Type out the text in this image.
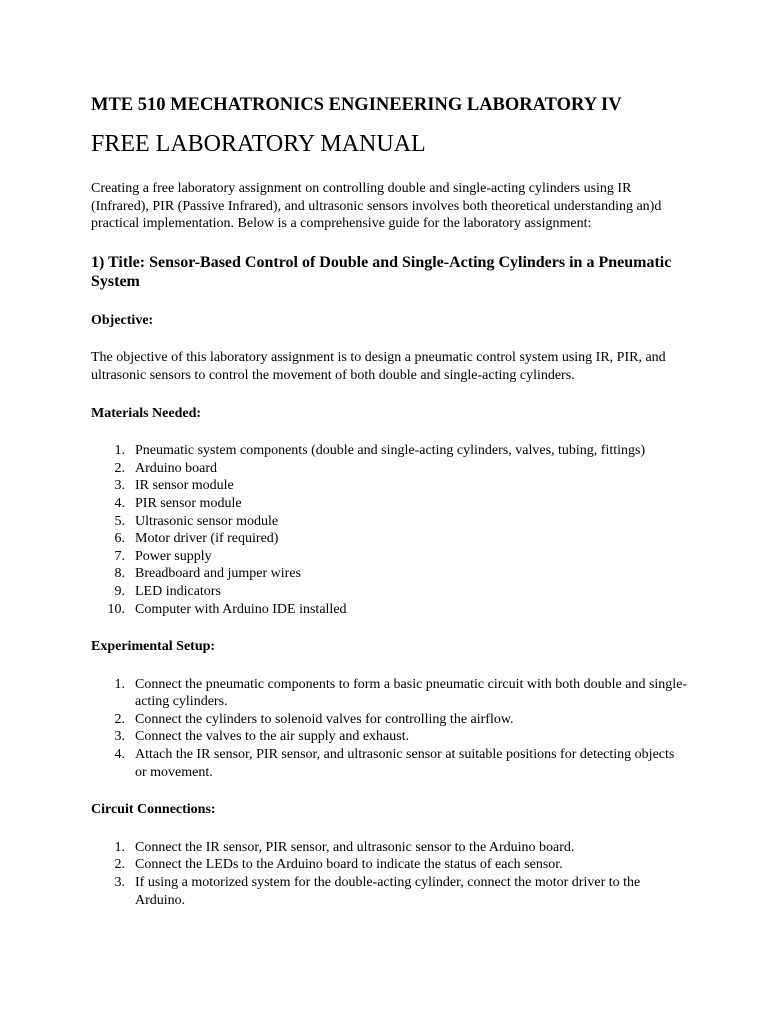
MTE 510 MECHATRONICS ENGINEERING LABORATORY IV
FREE LABORATORY MANUAL

Creating a free laboratory assignment on controlling double and single-acting cylinders using IR (Infrared), PIR (Passive Infrared), and ultrasonic sensors involves both theoretical understanding an)d practical implementation. Below is a comprehensive guide for the laboratory assignment:

1) Title: Sensor-Based Control of Double and Single-Acting Cylinders in a Pneumatic System
Objective:

The objective of this laboratory assignment is to design a pneumatic control system using IR, PIR, and ultrasonic sensors to control the movement of both double and single-acting cylinders.

Materials Needed:
1. Pneumatic system components (double and single-acting cylinders, valves, tubing, fittings)
2. Arduino board
3. IR sensor module
4. PIR sensor module
5. Ultrasonic sensor module
6. Motor driver (if required)
7. Power supply
8. Breadboard and jumper wires
9. LED indicators
10. Computer with Arduino IDE installed
Experimental Setup:
1. Connect the pneumatic components to form a basic pneumatic circuit with both double and single-acting cylinders.
2. Connect the cylinders to solenoid valves for controlling the airflow.
3. Connect the valves to the air supply and exhaust.
4. Attach the IR sensor, PIR sensor, and ultrasonic sensor at suitable positions for detecting objects or movement.
Circuit Connections:
1. Connect the IR sensor, PIR sensor, and ultrasonic sensor to the Arduino board.
2. Connect the LEDs to the Arduino board to indicate the status of each sensor.
3. If using a motorized system for the double-acting cylinder, connect the motor driver to the Arduino.
